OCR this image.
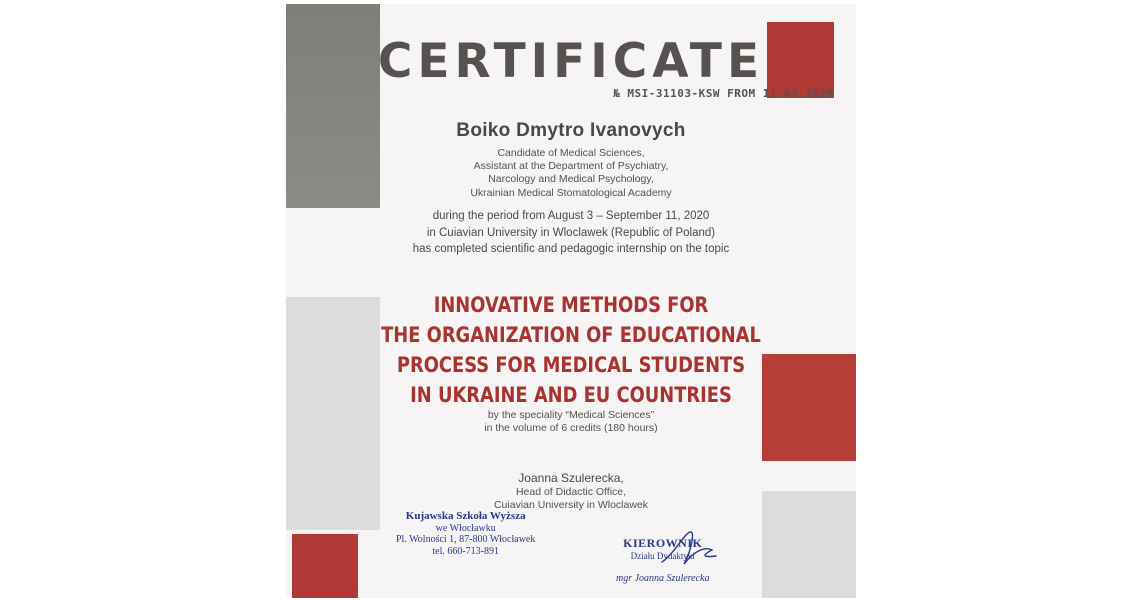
CERTIFICATE
№ MSI-31103-KSW FROM 11.09.2020
Boiko Dmytro Ivanovych
Candidate of Medical Sciences,
Assistant at the Department of Psychiatry,
Narcology and Medical Psychology,
Ukrainian Medical Stomatological Academy
during the period from August 3 – September 11, 2020
in Cuiavian University in Wloclawek (Republic of Poland)
has completed scientific and pedagogic internship on the topic
INNOVATIVE METHODS FOR
THE ORGANIZATION OF EDUCATIONAL
PROCESS FOR MEDICAL STUDENTS
IN UKRAINE AND EU COUNTRIES
by the speciality “Medical Sciences”
in the volume of 6 credits (180 hours)
Joanna Szulerecka,
Head of Didactic Office,
Cuiavian University in Wloclawek
Kujawska Szkoła Wyższa
we Włocławku
Pl. Wolności 1, 87-800 Włocławek
tel. 660-713-891
KIEROWNIK
Działu Dydaktyki
mgr Joanna Szulerecka
